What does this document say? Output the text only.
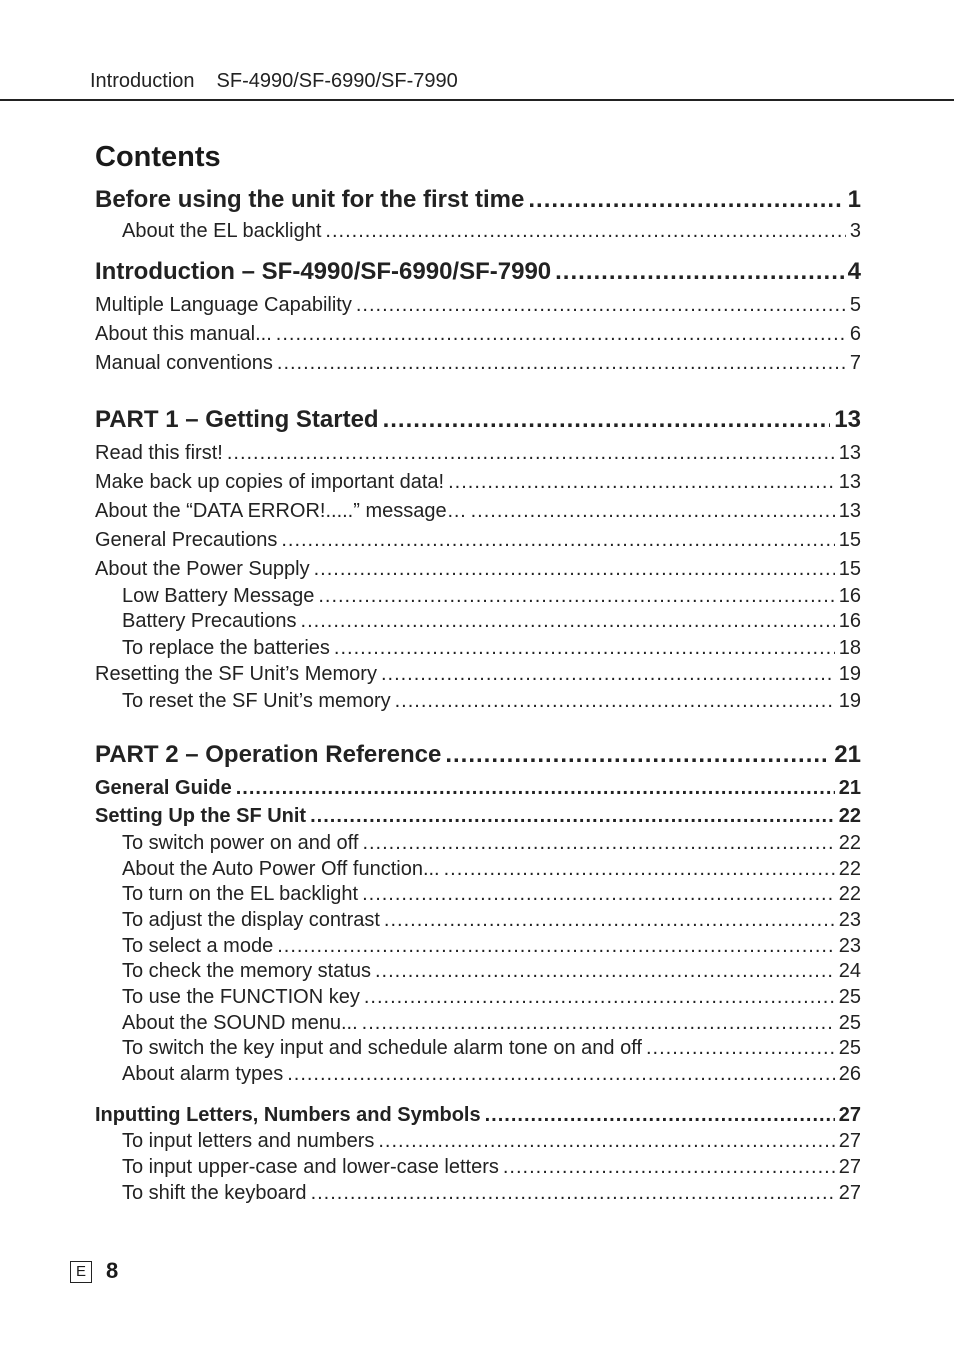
Introduction SF-4990/SF-6990/SF-7990
Contents
Before using the unit for the first time .....	1
About the EL backlight .....	3
Introduction – SF-4990/SF-6990/SF-7990 .....	4
Multiple Language Capability .....	5
About this manual... .....	6
Manual conventions .....	7
PART 1 – Getting Started .....	13
Read this first! .....	13
Make back up copies of important data! .....	13
About the “DATA ERROR!.....” message… .....	13
General Precautions .....	15
About the Power Supply .....	15
Low Battery Message .....	16
Battery Precautions .....	16
To replace the batteries .....	18
Resetting the SF Unit’s Memory .....	19
To reset the SF Unit’s memory .....	19
PART 2 – Operation Reference .....	21
General Guide .....	21
Setting Up the SF Unit .....	22
To switch power on and off .....	22
About the Auto Power Off function... .....	22
To turn on the EL backlight .....	22
To adjust the display contrast .....	23
To select a mode .....	23
To check the memory status .....	24
To use the FUNCTION key .....	25
About the SOUND menu... .....	25
To switch the key input and schedule alarm tone on and off .....	25
About alarm types .....	26
Inputting Letters, Numbers and Symbols .....	27
To input letters and numbers .....	27
To input upper-case and lower-case letters .....	27
To shift the keyboard .....	27
E 8
